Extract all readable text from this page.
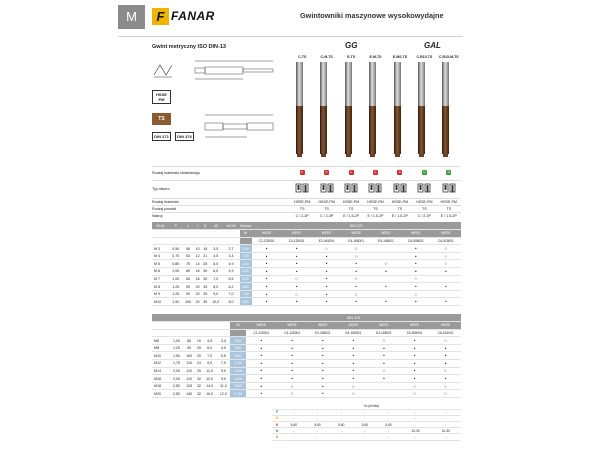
M	F FANAR	Gwintowniki maszynowe wysokowydajne
Gwint metryczny ISO DIN-13	GG	GAL
C-TS	C-M-TS	E-TS	E-M-TS	E-MS-TS	C-R15-TS	C-R15-M-TS
HSSE PM
TS
DIN 371	DIN 376
Rodzaj materiału obrabianego	K	K	K	K	K	N	N
Typ otworu
Rodzaj materiału	HSSE-PM	HSSE-PM	HSSE-PM	HSSE-PM	HSSE-PM	HSSE-PM	HSSE-PM
Rodzaj powłoki	TS	TS	TS	TS	TS	TS	TS
Nakroj	C / 2-3P	C / 2-3P	E / 1.5-2P	E / 1.5-2P	E / 1.5-2P	C / 2-3P	E / 1.5-2P
M d1	P	L	l	l1	d2	d4 h9	Norma	DIN 371						
							Nr	WEEE	WEEE	WEEE	WEEE	WEEE	WEEE	WEEE
								C2-125001	C4-125001	E2-165001	E4-165001	E4-165001	C6-505001	C6-515001
M 3	0,50	56	10	18	3,5	2,7	2,50	•	•	○	○		•	○
M 4	0,70	63	12	21	4,5	3,4	3,30	•	•	•	○		•	○
M 5	0,80	70	14	25	6,0	4,9	4,20	•	•	•	•	○	•	○
M 6	1,00	80	16	30	6,0	4,9	5,00	•	•	•	•	•	•	•
M 7	1,00	80	18	30	7,0	5,5	6,00	•	○	•	○		○	
M 8	1,25	90	20	35	8,0	6,2	6,80	•	•	•	•	•	•	•
M 9	1,25	90	20	35	9,0	7,0	7,80	•	○	•	○		○	
M10	1,50	100	20	39	10,0	8,0	8,50	•	•	•	•	•	•	•
							DIN 376						
						Nr	WEEE	WEEE	WEEE	WEEE	WEEE	WEEE	WEEE
							C2-125001	C4-125001	E2-165001	E4-165001	E4-165001	C6-505001	C6-515001
M6	1,00	80	19		4,5	3,4	5,00	•	•	•	•	○	•	○
M8	1,25	90	20		6,0	4,9	6,80	•	•	•	•	•	•	•
M10	1,50	100	20		7,0	5,5	8,50	•	•	•	•	•	•	•
M12	1,75	110	24		9,0	7,0	10,20	•	•	•	•	•	•	•
M14	2,00	110	25		11,0	9,0	12,00	•	•	•	•	○	•	○
M16	2,00	110	32		12,0	9,0	14,00	•	•	•	•	•	•	•
M18	2,50	125	32		14,0	11,0	15,50	•	○	•	○		○	○
M20	2,50	140	32		16,0	12,0	17,50	•	○	•	○		○	○
	Vc (m/min)						
P	-	-	-	-	-	-	-
M	-	-	-	-	-	-	-
K	5-60	5-60	5-60	5-60	5-60	-	-
N	-	-	-	-	-	10-30	10-30
S	-	-	-	-	-	-	-
